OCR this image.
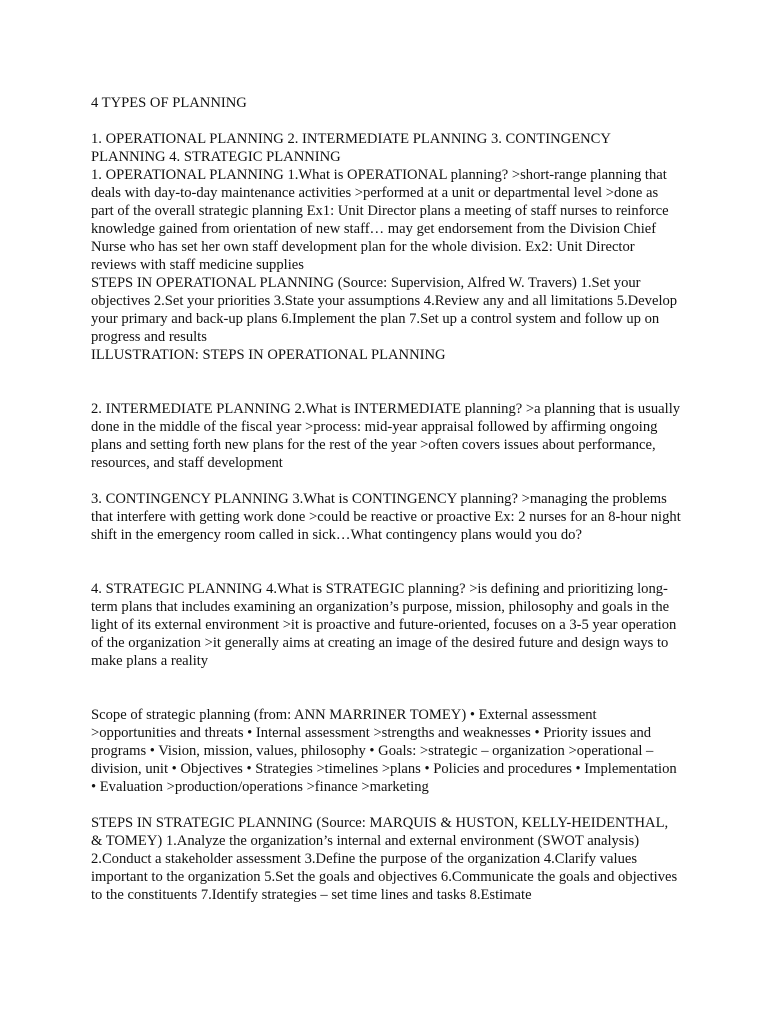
4 TYPES OF PLANNING

1. OPERATIONAL PLANNING 2. INTERMEDIATE PLANNING 3. CONTINGENCY PLANNING 4. STRATEGIC PLANNING

1. OPERATIONAL PLANNING 1.What is OPERATIONAL planning? >short-range planning that deals with day-to-day maintenance activities >performed at a unit or departmental level >done as part of the overall strategic planning Ex1: Unit Director plans a meeting of staff nurses to reinforce knowledge gained from orientation of new staff… may get endorsement from the Division Chief Nurse who has set her own staff development plan for the whole division. Ex2: Unit Director reviews with staff medicine supplies

STEPS IN OPERATIONAL PLANNING (Source: Supervision, Alfred W. Travers) 1.Set your objectives 2.Set your priorities 3.State your assumptions 4.Review any and all limitations 5.Develop your primary and back-up plans 6.Implement the plan 7.Set up a control system and follow up on progress and results

ILLUSTRATION: STEPS IN OPERATIONAL PLANNING

2. INTERMEDIATE PLANNING 2.What is INTERMEDIATE planning? >a planning that is usually done in the middle of the fiscal year >process: mid-year appraisal followed by affirming ongoing plans and setting forth new plans for the rest of the year >often covers issues about performance, resources, and staff development

3. CONTINGENCY PLANNING 3.What is CONTINGENCY planning? >managing the problems that interfere with getting work done >could be reactive or proactive Ex: 2 nurses for an 8-hour night shift in the emergency room called in sick…What contingency plans would you do?

4. STRATEGIC PLANNING 4.What is STRATEGIC planning? >is defining and prioritizing long-term plans that includes examining an organization’s purpose, mission, philosophy and goals in the light of its external environment >it is proactive and future-oriented, focuses on a 3-5 year operation of the organization >it generally aims at creating an image of the desired future and design ways to make plans a reality

Scope of strategic planning (from: ANN MARRINER TOMEY) • External assessment >opportunities and threats • Internal assessment >strengths and weaknesses • Priority issues and programs • Vision, mission, values, philosophy • Goals: >strategic – organization >operational – division, unit • Objectives • Strategies >timelines >plans • Policies and procedures • Implementation • Evaluation >production/operations >finance >marketing

STEPS IN STRATEGIC PLANNING (Source: MARQUIS & HUSTON, KELLY-HEIDENTHAL, & TOMEY) 1.Analyze the organization’s internal and external environment (SWOT analysis) 2.Conduct a stakeholder assessment 3.Define the purpose of the organization 4.Clarify values important to the organization 5.Set the goals and objectives 6.Communicate the goals and objectives to the constituents 7.Identify strategies – set time lines and tasks 8.Estimate
